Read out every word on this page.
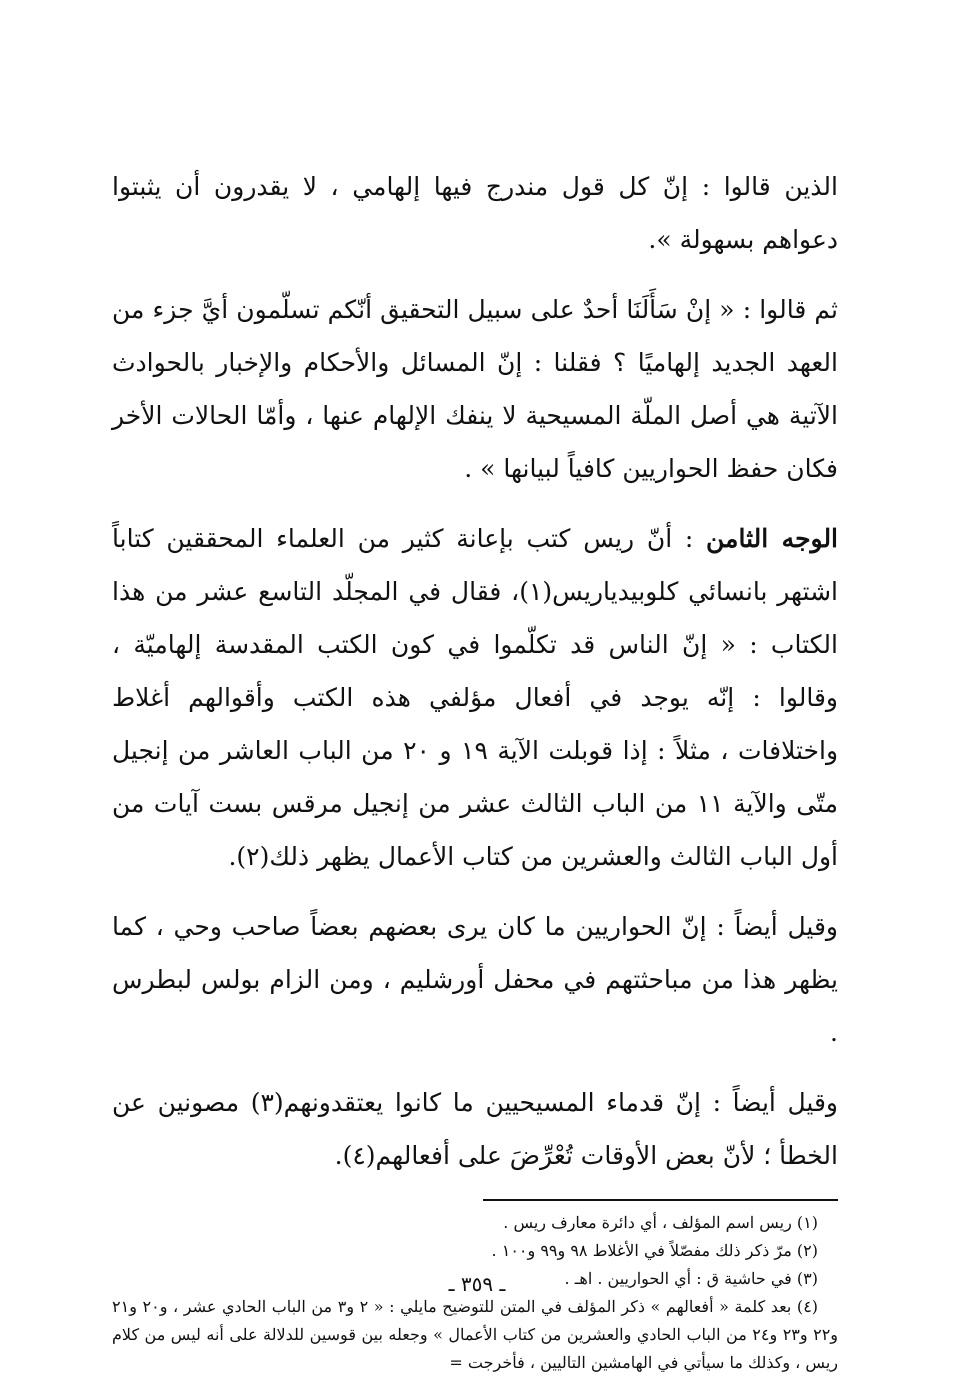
الذين قالوا : إنّ كل قول مندرج فيها إلهامي ، لا يقدرون أن يثبتوا دعواهم بسهولة ».

ثم قالوا : « إنْ سَأَلَنَا أحدٌ على سبيل التحقيق أنّكم تسلّمون أيَّ جزء من العهد الجديد إلهاميًا ؟ فقلنا : إنّ المسائل والأحكام والإخبار بالحوادث الآتية هي أصل الملّة المسيحية لا ينفك الإلهام عنها ، وأمّا الحالات الأخر فكان حفظ الحواريين كافياً لبيانها » .

الوجه الثامن : أنّ ريس كتب بإعانة كثير من العلماء المحققين كتاباً اشتهر بانسائي كلوبيدياريس(١)، فقال في المجلّد التاسع عشر من هذا الكتاب : « إنّ الناس قد تكلّموا في كون الكتب المقدسة إلهاميّة ، وقالوا : إنّه يوجد في أفعال مؤلفي هذه الكتب وأقوالهم أغلاط واختلافات ، مثلاً : إذا قوبلت الآية ١٩ و ٢٠ من الباب العاشر من إنجيل متّى والآية ١١ من الباب الثالث عشر من إنجيل مرقس بست آيات من أول الباب الثالث والعشرين من كتاب الأعمال يظهر ذلك(٢).

وقيل أيضاً : إنّ الحواريين ما كان يرى بعضهم بعضاً صاحب وحي ، كما يظهر هذا من مباحثتهم في محفل أورشليم ، ومن الزام بولس لبطرس .

وقيل أيضاً : إنّ قدماء المسيحيين ما كانوا يعتقدونهم(٣) مصونين عن الخطأ ؛ لأنّ بعض الأوقات تُعْرِّضَ على أفعالهم(٤).

(١) ريس اسم المؤلف ، أي دائرة معارف ريس .

(٢) مرّ ذكر ذلك مفصّلاً في الأغلاط ٩٨ و٩٩ و١٠٠ .

(٣) في حاشية ق : أي الحواريين . اهـ .

(٤) بعد كلمة « أفعالهم » ذكر المؤلف في المتن للتوضيح مايلي : « ٢ و٣ من الباب الحادي عشر ، و٢٠ و٢١ و٢٢ و٢٣ و٢٤ من الباب الحادي والعشرين من كتاب الأعمال » وجعله بين قوسين للدلالة على أنه ليس من كلام ريس ، وكذلك ما سيأتي في الهامشين التاليين ، فأخرجت =

ـ ٣٥٩ ـ
